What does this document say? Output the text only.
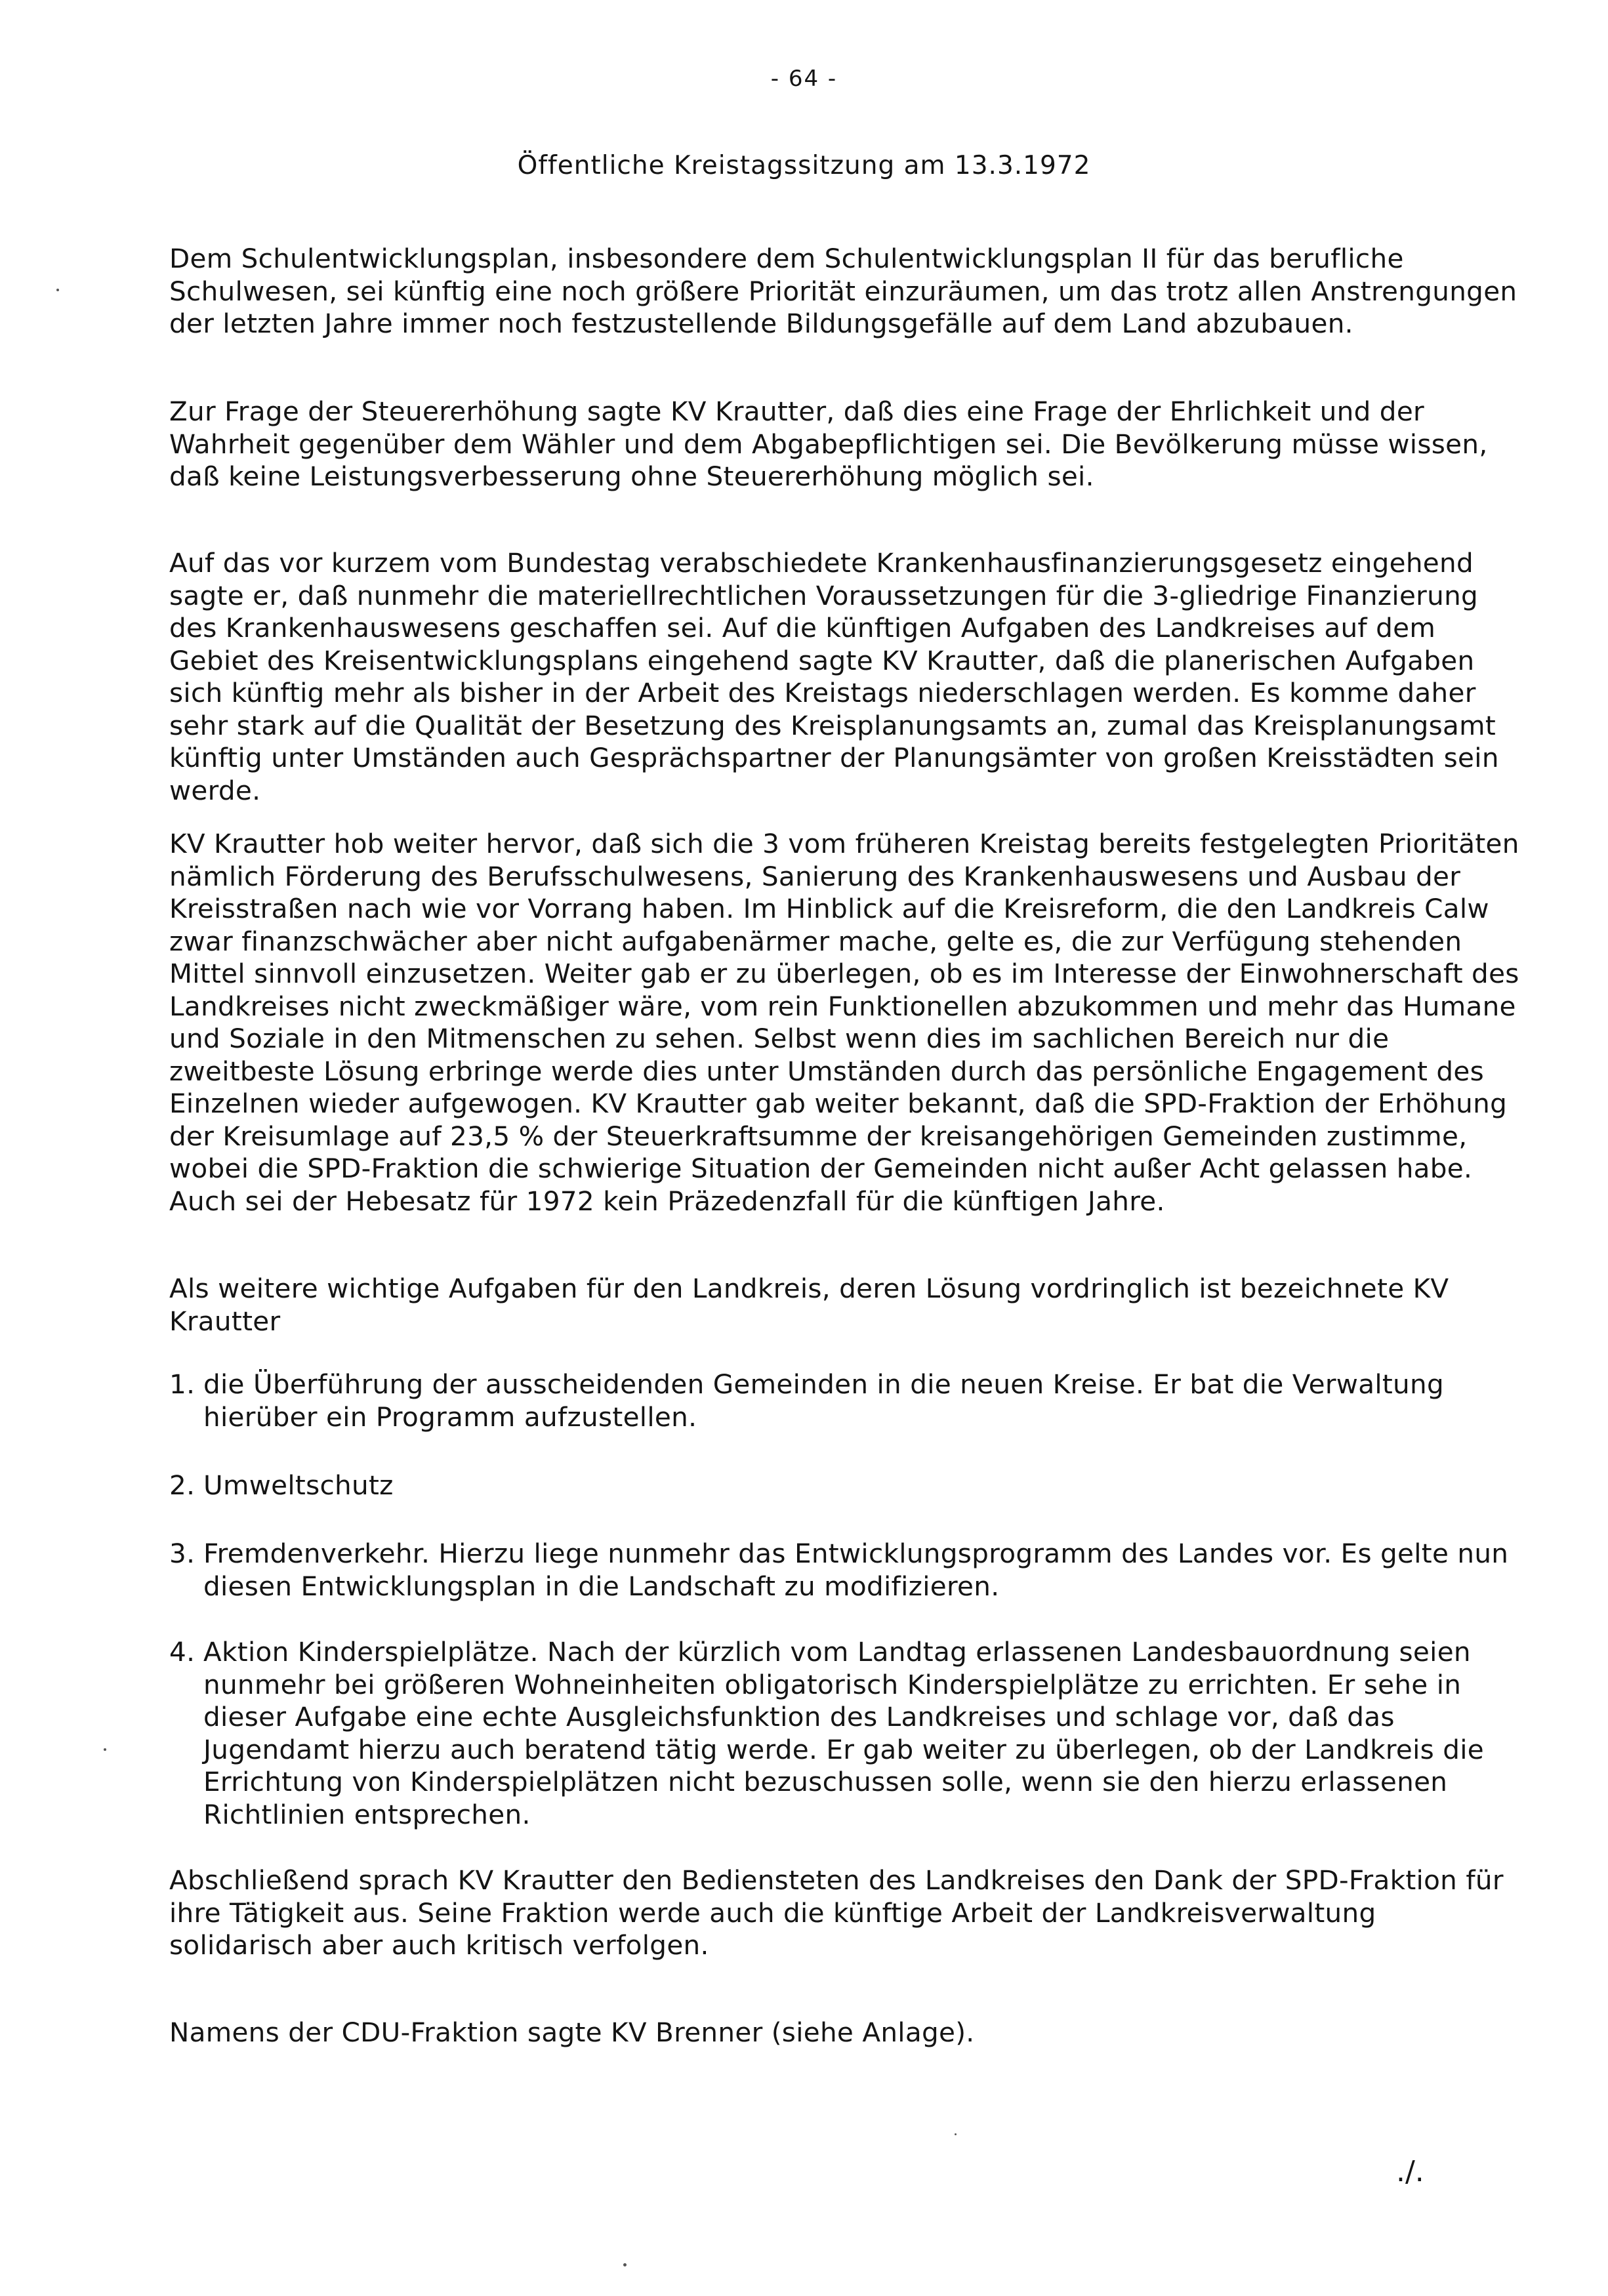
- 64 -
Öffentliche Kreistagssitzung am 13.3.1972

Dem Schulentwicklungsplan, insbesondere dem Schulentwicklungsplan II für das berufliche Schulwesen, sei künftig eine noch größere Priorität einzuräumen, um das trotz allen Anstrengungen der letzten Jahre immer noch festzustellende Bildungsgefälle auf dem Land abzubauen.

Zur Frage der Steuererhöhung sagte KV Krautter, daß dies eine Frage der Ehrlichkeit und der Wahrheit gegenüber dem Wähler und dem Abgabepflichtigen sei. Die Bevölkerung müsse wissen, daß keine Leistungsverbesserung ohne Steuererhöhung möglich sei.

Auf das vor kurzem vom Bundestag verabschiedete Krankenhausfinanzierungsgesetz eingehend sagte er, daß nunmehr die materiellrechtlichen Voraussetzungen für die 3-gliedrige Finanzierung des Krankenhauswesens geschaffen sei. Auf die künftigen Aufgaben des Landkreises auf dem Gebiet des Kreisentwicklungsplans eingehend sagte KV Krautter, daß die planerischen Aufgaben sich künftig mehr als bisher in der Arbeit des Kreistags niederschlagen werden. Es komme daher sehr stark auf die Qualität der Besetzung des Kreisplanungsamts an, zumal das Kreisplanungsamt künftig unter Umständen auch Gesprächspartner der Planungsämter von großen Kreisstädten sein werde.

KV Krautter hob weiter hervor, daß sich die 3 vom früheren Kreistag bereits festgelegten Prioritäten nämlich Förderung des Berufsschulwesens, Sanierung des Krankenhauswesens und Ausbau der Kreisstraßen nach wie vor Vorrang haben. Im Hinblick auf die Kreisreform, die den Landkreis Calw zwar finanzschwächer aber nicht aufgabenärmer mache, gelte es, die zur Verfügung stehenden Mittel sinnvoll einzusetzen. Weiter gab er zu überlegen, ob es im Interesse der Einwohnerschaft des Landkreises nicht zweckmäßiger wäre, vom rein Funktionellen abzukommen und mehr das Humane und Soziale in den Mitmenschen zu sehen. Selbst wenn dies im sachlichen Bereich nur die zweitbeste Lösung erbringe werde dies unter Umständen durch das persönliche Engagement des Einzelnen wieder aufgewogen. KV Krautter gab weiter bekannt, daß die SPD-Fraktion der Erhöhung der Kreisumlage auf 23,5 % der Steuerkraftsumme der kreisangehörigen Gemeinden zustimme, wobei die SPD-Fraktion die schwierige Situation der Gemeinden nicht außer Acht gelassen habe. Auch sei der Hebesatz für 1972 kein Präzedenzfall für die künftigen Jahre.

Als weitere wichtige Aufgaben für den Landkreis, deren Lösung vordringlich ist bezeichnete KV Krautter

1. die Überführung der ausscheidenden Gemeinden in die neuen Kreise. Er bat die Verwaltung hierüber ein Programm aufzustellen.
2. Umweltschutz
3. Fremdenverkehr. Hierzu liege nunmehr das Entwicklungsprogramm des Landes vor. Es gelte nun diesen Entwicklungsplan in die Landschaft zu modifizieren.
4. Aktion Kinderspielplätze. Nach der kürzlich vom Landtag erlassenen Landesbauordnung seien nunmehr bei größeren Wohneinheiten obligatorisch Kinderspielplätze zu errichten. Er sehe in dieser Aufgabe eine echte Ausgleichsfunktion des Landkreises und schlage vor, daß das Jugendamt hierzu auch beratend tätig werde. Er gab weiter zu überlegen, ob der Landkreis die Errichtung von Kinderspielplätzen nicht bezuschussen solle, wenn sie den hierzu erlassenen Richtlinien entsprechen.

Abschließend sprach KV Krautter den Bediensteten des Landkreises den Dank der SPD-Fraktion für ihre Tätigkeit aus. Seine Fraktion werde auch die künftige Arbeit der Landkreisverwaltung solidarisch aber auch kritisch verfolgen.

Namens der CDU-Fraktion sagte KV Brenner (siehe Anlage).

./.
